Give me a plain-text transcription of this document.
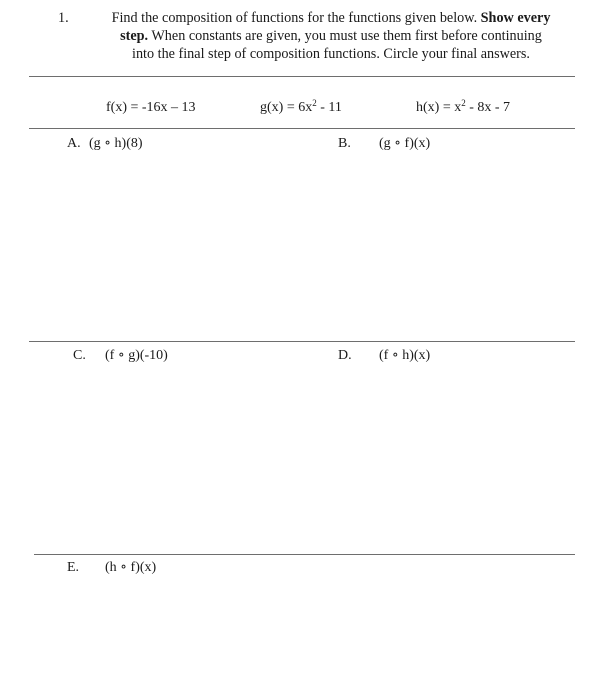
1.	Find the composition of functions for the functions given below. Show every
step. When constants are given, you must use them first before continuing
into the final step of composition functions. Circle your final answers.
f(x) = -16x – 13	$g(x) = 6x^2 - 11$	$h(x) = x^2 - 8x - 7$
A. (g ∘ h)(8)	B. (g ∘ f)(x)
C. (f ∘ g)(-10)	D. (f ∘ h)(x)
E. (h ∘ f)(x)
